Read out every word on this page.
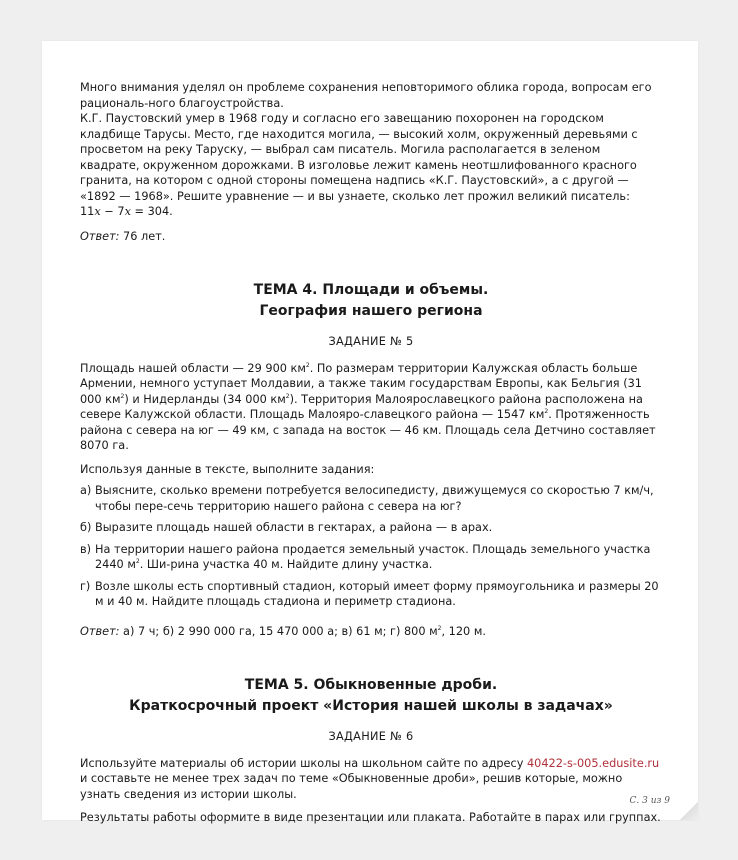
Много внимания уделял он проблеме сохранения неповторимого облика города, вопросам его рациональ-ного благоустройства.

К.Г. Паустовский умер в 1968 году и согласно его завещанию похоронен на городском кладбище Тарусы. Место, где находится могила, — высокий холм, окруженный деревьями с просветом на реку Таруску, — выбрал сам писатель. Могила располагается в зеленом квадрате, окруженном дорожками. В изголовье лежит камень неотшлифованного красного гранита, на котором с одной стороны помещена надпись «К.Г. Паустовский», а с другой — «1892 — 1968». Решите уравнение — и вы узнаете, сколько лет прожил великий писатель:
11x − 7x = 304.

Ответ: 76 лет.

ТЕМА 4. Площади и объемы.
География нашего региона
ЗАДАНИЕ № 5

Площадь нашей области — 29 900 $км^2$. По размерам территории Калужская область больше Армении, немного уступает Молдавии, а также таким государствам Европы, как Бельгия (31 000 $км^2$) и Нидерланды (34 000 $км^2$). Территория Малоярославецкого района расположена на севере Калужской области. Площадь Малояро-славецкого района — 1547 $км^2$. Протяженность района с севера на юг — 49 км, с запада на восток — 46 км. Площадь села Детчино составляет 8070 га.

Используя данные в тексте, выполните задания:

а) Выясните, сколько времени потребуется велосипедисту, движущемуся со скоростью 7 км/ч, чтобы пере-сечь территорию нашего района с севера на юг?
б) Выразите площадь нашей области в гектарах, а района — в арах.
в) На территории нашего района продается земельный участок. Площадь земельного участка 2440 $м^2$. Ши-рина участка 40 м. Найдите длину участка.
г) Возле школы есть спортивный стадион, который имеет форму прямоугольника и размеры 20 м и 40 м. Найдите площадь стадиона и периметр стадиона.

Ответ: а) 7 ч; б) 2 990 000 га, 15 470 000 а; в) 61 м; г) 800 $м^2$, 120 м.

ТЕМА 5. Обыкновенные дроби.
Краткосрочный проект «История нашей школы в задачах»
ЗАДАНИЕ № 6

Используйте материалы об истории школы на школьном сайте по адресу 40422-s-005.edusite.ru и составьте не менее трех задач по теме «Обыкновенные дроби», решив которые, можно узнать сведения из истории школы.

Результаты работы оформите в виде презентации или плаката. Работайте в парах или группах.

С. 3 из 9
